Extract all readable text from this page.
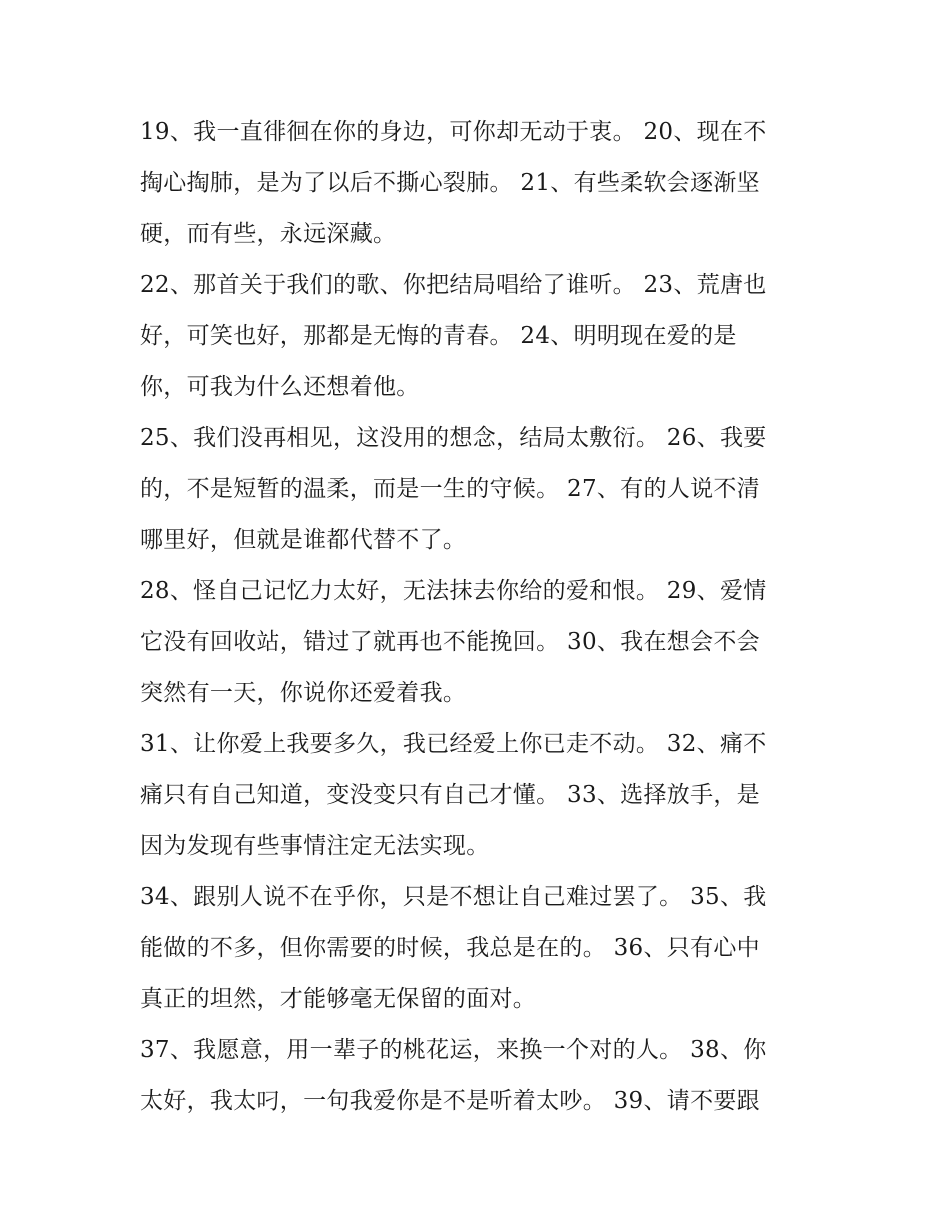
19、我一直徘徊在你的身边，可你却无动于衷。 20、现在不
掏心掏肺，是为了以后不撕心裂肺。 21、有些柔软会逐渐坚
硬，而有些，永远深藏。
22、那首关于我们的歌、你把结局唱给了谁听。 23、荒唐也
好，可笑也好，那都是无悔的青春。 24、明明现在爱的是
你，可我为什么还想着他。
25、我们没再相见，这没用的想念，结局太敷衍。 26、我要
的，不是短暂的温柔，而是一生的守候。 27、有的人说不清
哪里好，但就是谁都代替不了。
28、怪自己记忆力太好，无法抹去你给的爱和恨。 29、爱情
它没有回收站，错过了就再也不能挽回。 30、我在想会不会
突然有一天，你说你还爱着我。
31、让你爱上我要多久，我已经爱上你已走不动。 32、痛不
痛只有自己知道，变没变只有自己才懂。 33、选择放手，是
因为发现有些事情注定无法实现。
34、跟别人说不在乎你，只是不想让自己难过罢了。 35、我
能做的不多，但你需要的时候，我总是在的。 36、只有心中
真正的坦然，才能够毫无保留的面对。
37、我愿意，用一辈子的桃花运，来换一个对的人。 38、你
太好，我太叼，一句我爱你是不是听着太吵。 39、请不要跟
